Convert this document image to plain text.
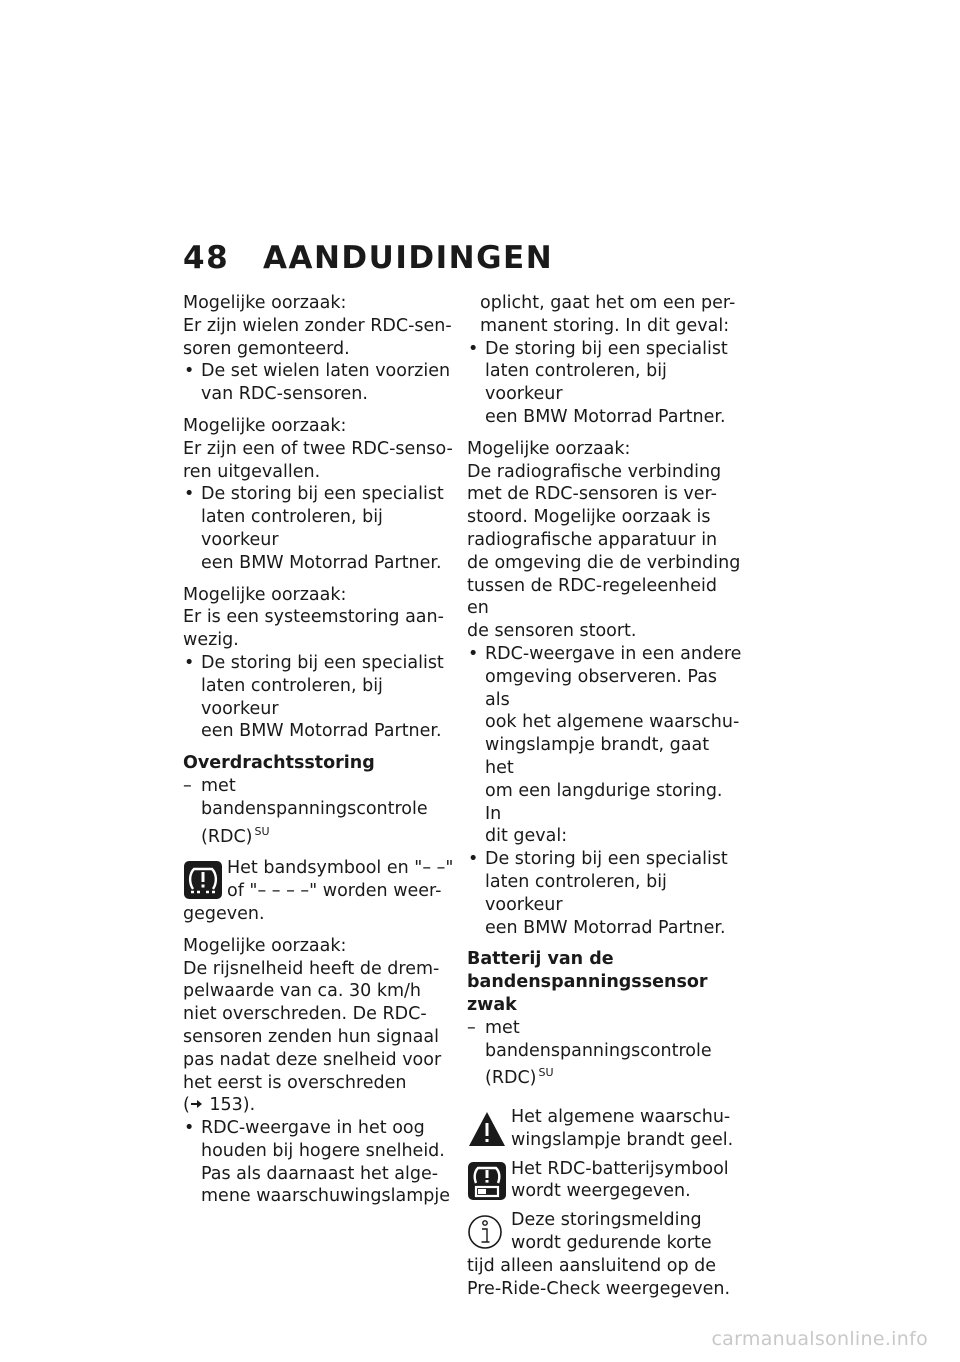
48 AANDUIDINGEN

Mogelijke oorzaak:

Er zijn wielen zonder RDC-sen-
soren gemonteerd.

• De set wielen laten voorzien
van RDC-sensoren.

Mogelijke oorzaak:

Er zijn een of twee RDC-senso-
ren uitgevallen.

• De storing bij een specialist
laten controleren, bij voorkeur
een BMW Motorrad Partner.

Mogelijke oorzaak:

Er is een systeemstoring aan-
wezig.

• De storing bij een specialist
laten controleren, bij voorkeur
een BMW Motorrad Partner.

Overdrachtsstoring

– met bandenspanningscontrole
(RDC) $^{SU}$

Het bandsymbool en "– –"
of "– – – –" worden weer-

gegeven.

Mogelijke oorzaak:

De rijsnelheid heeft de drem-
pelwaarde van ca. 30 km/h
niet overschreden. De RDC-
sensoren zenden hun signaal
pas nadat deze snelheid voor
het eerst is overschreden
( 153).

• RDC-weergave in het oog
houden bij hogere snelheid.
Pas als daarnaast het alge-
mene waarschuwingslampje

oplicht, gaat het om een per-
manent storing. In dit geval:

• De storing bij een specialist
laten controleren, bij voorkeur
een BMW Motorrad Partner.

Mogelijke oorzaak:

De radiografische verbinding
met de RDC-sensoren is ver-
stoord. Mogelijke oorzaak is
radiografische apparatuur in
de omgeving die de verbinding
tussen de RDC-regeleenheid en
de sensoren stoort.

• RDC-weergave in een andere
omgeving observeren. Pas als
ook het algemene waarschu-
wingslampje brandt, gaat het
om een langdurige storing. In
dit geval:

• De storing bij een specialist
laten controleren, bij voorkeur
een BMW Motorrad Partner.

Batterij van de
bandenspanningssensor zwak

– met bandenspanningscontrole
(RDC) $^{SU}$

Het algemene waarschu-
wingslampje brandt geel.

Het RDC-batterijsymbool
wordt weergegeven.

Deze storingsmelding
wordt gedurende korte

tijd alleen aansluitend op de
Pre-Ride-Check weergegeven.

carmanualsonline.info
